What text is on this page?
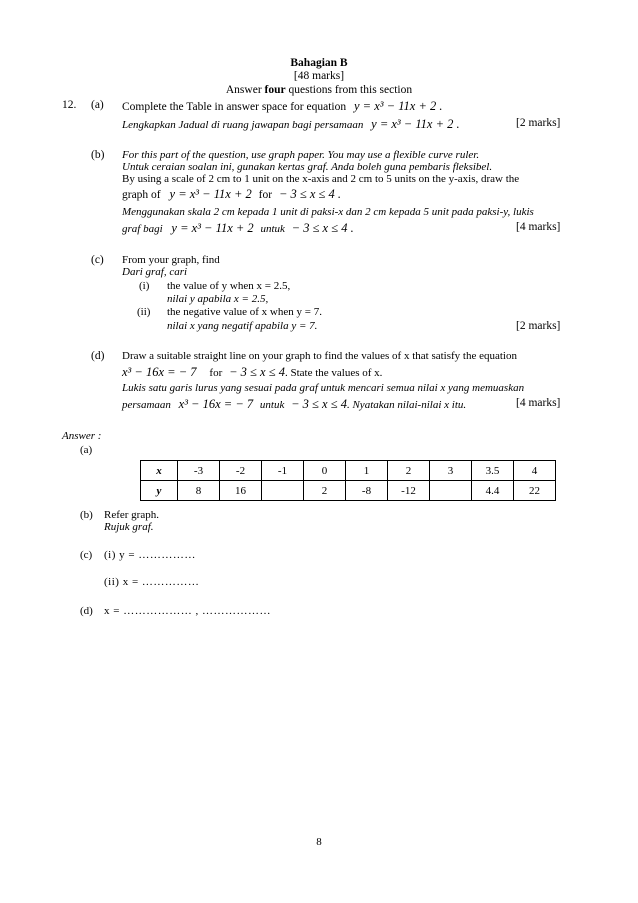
Bahagian B
[48 marks]
Answer four questions from this section
12. (a) Complete the Table in answer space for equation y = x³ − 11x + 2 .
Lengkapkan Jadual di ruang jawapan bagi persamaan y = x³ − 11x + 2 .	[2 marks]
(b) For this part of the question, use graph paper. You may use a flexible curve ruler.
Untuk ceraian soalan ini, gunakan kertas graf. Anda boleh guna pembaris fleksibel.
By using a scale of 2 cm to 1 unit on the x-axis and 2 cm to 5 units on the y-axis, draw the
graph of y = x³ − 11x + 2 for − 3 ≤ x ≤ 4 .
Menggunakan skala 2 cm kepada 1 unit di paksi-x dan 2 cm kepada 5 unit pada paksi-y, lukis
graf bagi y = x³ − 11x + 2 untuk − 3 ≤ x ≤ 4 .	[4 marks]
(c) From your graph, find
Dari graf, cari
(i) the value of y when x = 2.5,
nilai y apabila x = 2.5,
(ii) the negative value of x when y = 7.
nilai x yang negatif apabila y = 7.	[2 marks]
(d) Draw a suitable straight line on your graph to find the values of x that satisfy the equation
x³ − 16x = − 7 for − 3 ≤ x ≤ 4. State the values of x.
Lukis satu garis lurus yang sesuai pada graf untuk mencari semua nilai x yang memuaskan
persamaan x³ − 16x = − 7 untuk − 3 ≤ x ≤ 4. Nyatakan nilai-nilai x itu.	[4 marks]
Answer :
(a)
x	-3	-2	-1	0	1	2	3	3.5	4
y	8	16		2	-8	-12		4.4	22
(b) Refer graph.
Rujuk graf.
(c) (i) y = ……………
(ii) x = ……………
(d) x = ……………… , ………………
8
